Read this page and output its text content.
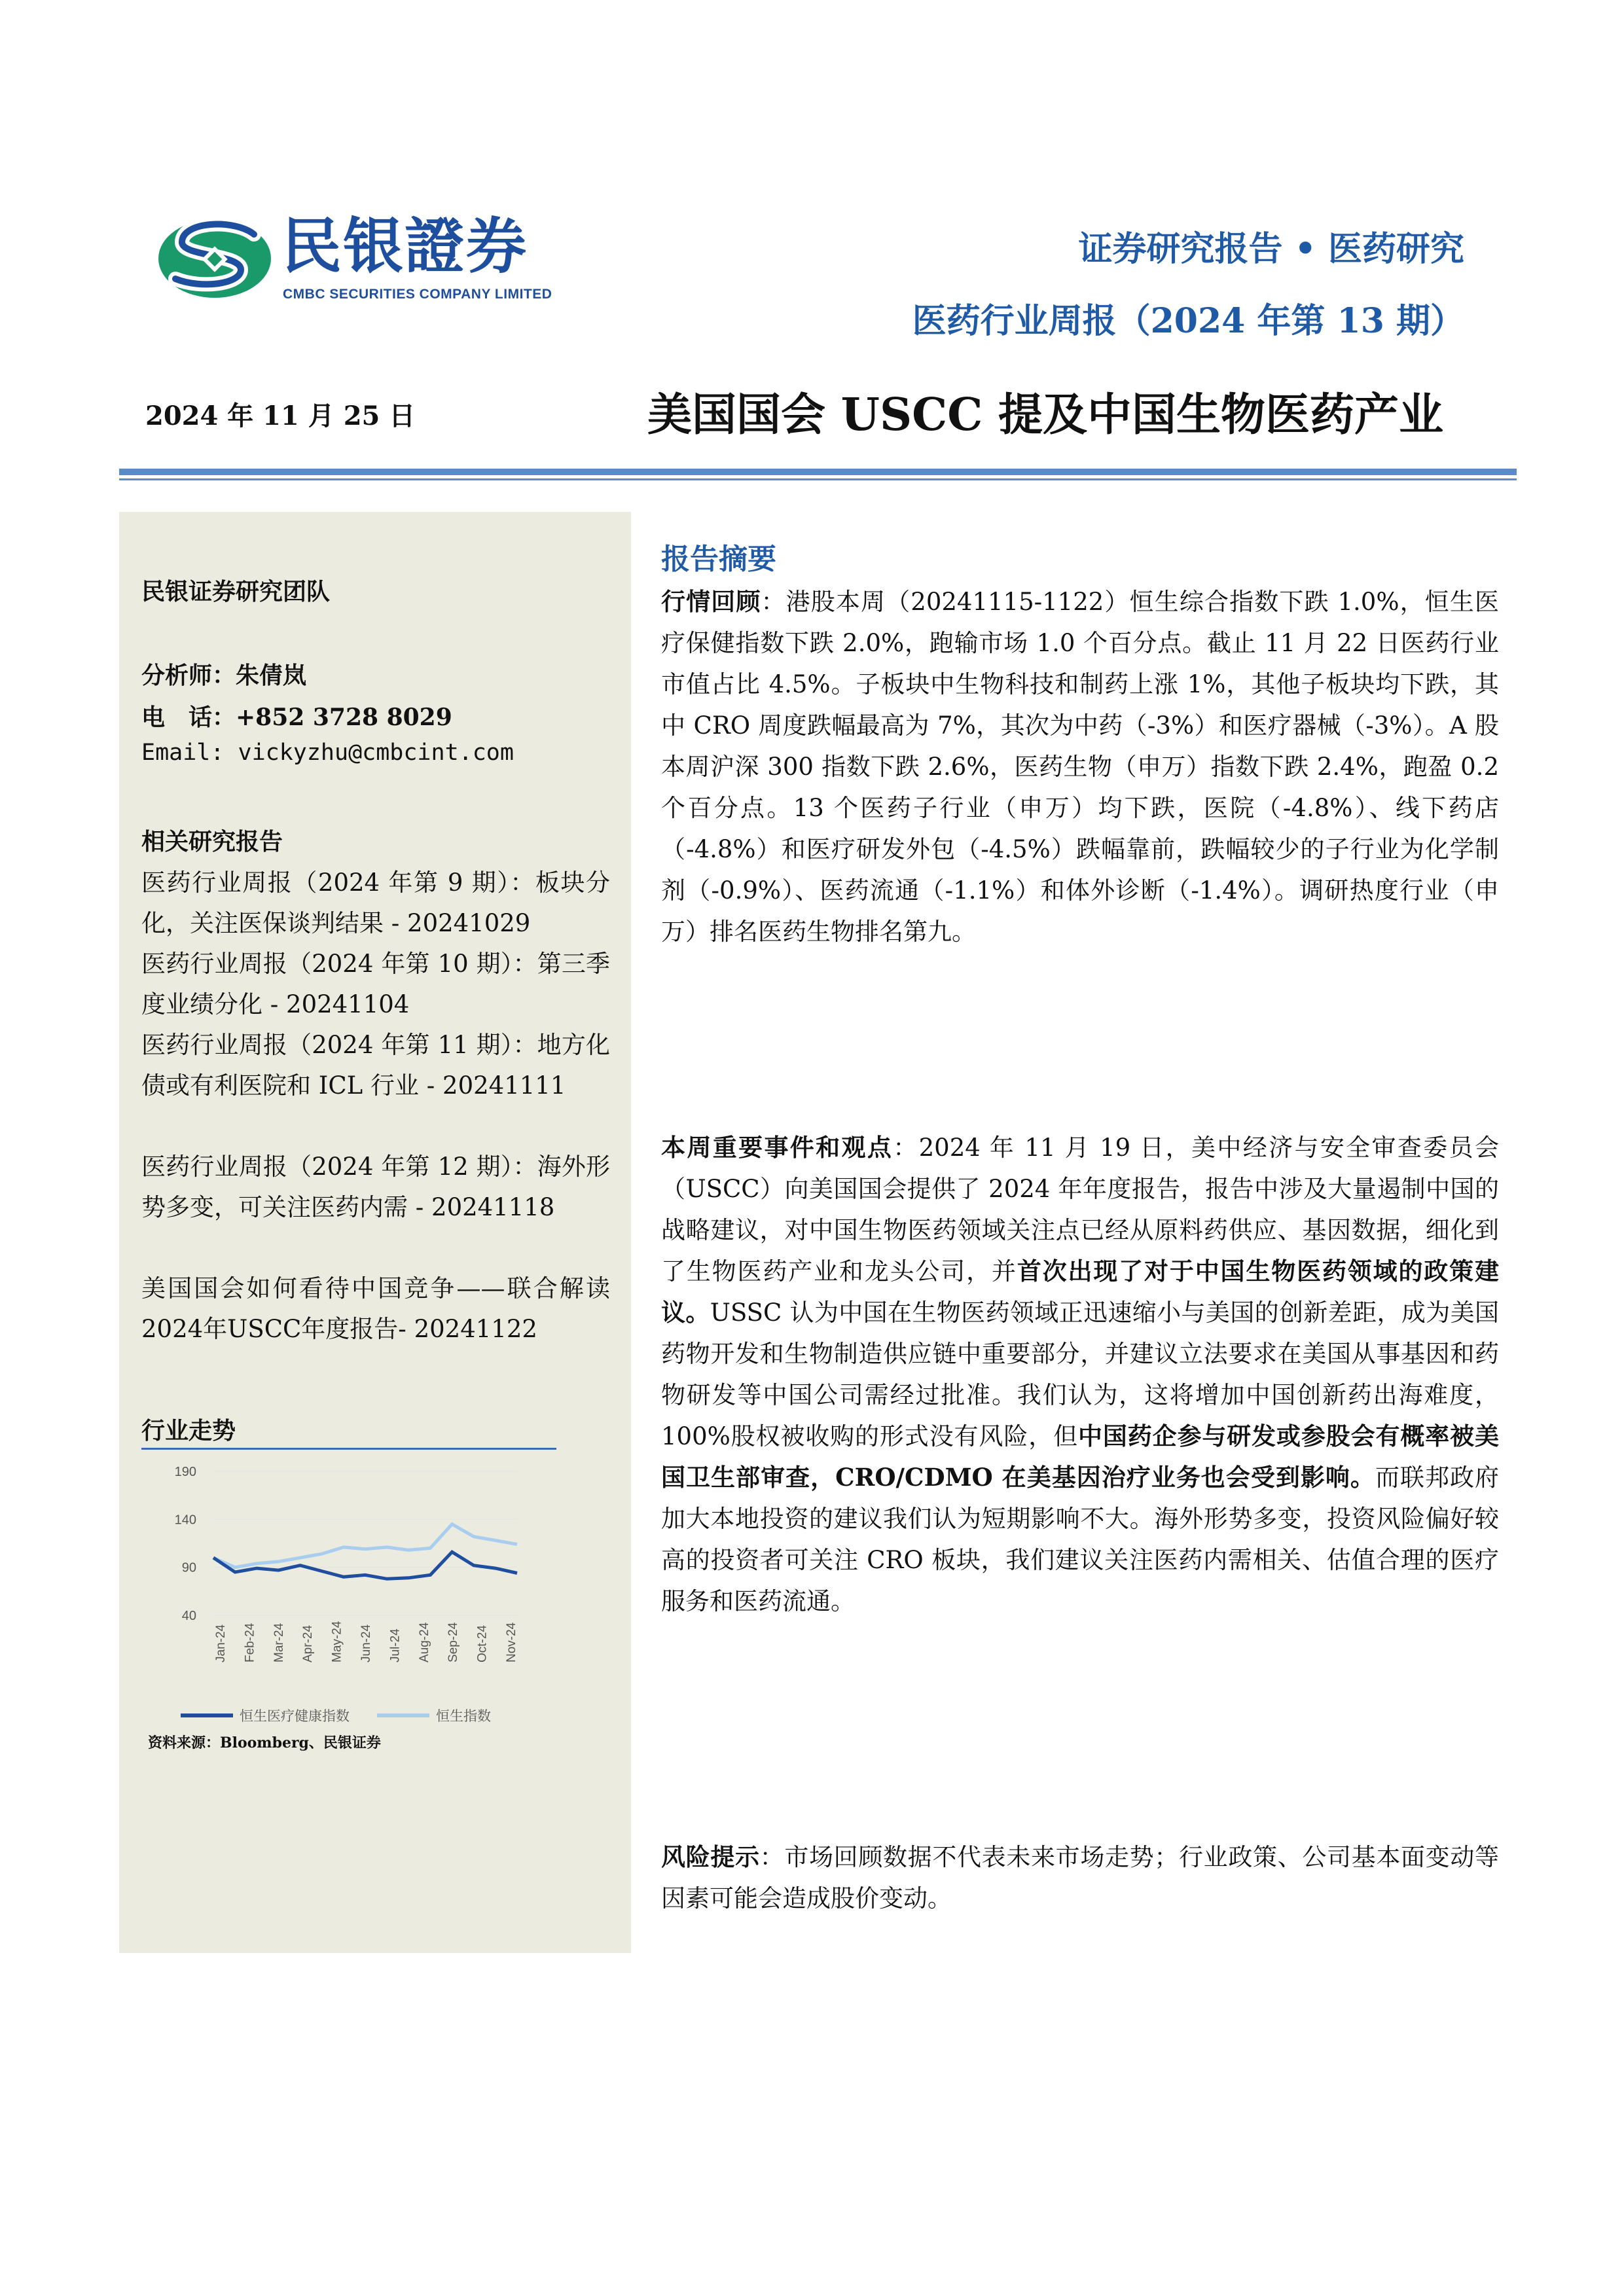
民银證券
CMBC SECURITIES COMPANY LIMITED
证券研究报告 • 医药研究
医药行业周报（2024 年第 13 期）
2024 年 11 月 25 日	美国国会 USCC 提及中国生物医药产业
民银证券研究团队
分析师：朱倩岚
电　话：+852 3728 8029
Email: vickyzhu@cmbcint.com
相关研究报告
医药行业周报（2024 年第 9 期）：板块分化，关注医保谈判结果 - 20241029
医药行业周报（2024 年第 10 期）：第三季度业绩分化 - 20241104
医药行业周报（2024 年第 11 期）：地方化债或有利医院和 ICL 行业 - 20241111
医药行业周报（2024 年第 12 期）：海外形势多变，可关注医药内需 - 20241118
美国国会如何看待中国竞争——联合解读2024年USCC年度报告- 20241122
行业走势
190
140
90
40
Jan-24 Feb-24 Mar-24 Apr-24 May-24 Jun-24 Jul-24 Aug-24 Sep-24 Oct-24 Nov-24
恒生医疗健康指数	恒生指数
资料来源：Bloomberg、民银证券
报告摘要
行情回顾：港股本周（20241115-1122）恒生综合指数下跌 1.0%，恒生医疗保健指数下跌 2.0%，跑输市场 1.0 个百分点。截止 11 月 22 日医药行业市值占比 4.5%。子板块中生物科技和制药上涨 1%，其他子板块均下跌，其中 CRO 周度跌幅最高为 7%，其次为中药（-3%）和医疗器械（-3%）。A 股本周沪深 300 指数下跌 2.6%，医药生物（申万）指数下跌 2.4%，跑盈 0.2 个百分点。13 个医药子行业（申万）均下跌，医院（-4.8%）、线下药店（-4.8%）和医疗研发外包（-4.5%）跌幅靠前，跌幅较少的子行业为化学制剂（-0.9%）、医药流通（-1.1%）和体外诊断（-1.4%）。调研热度行业（申万）排名医药生物排名第九。
本周重要事件和观点：2024 年 11 月 19 日，美中经济与安全审查委员会（USCC）向美国国会提供了 2024 年年度报告，报告中涉及大量遏制中国的战略建议，对中国生物医药领域关注点已经从原料药供应、基因数据，细化到了生物医药产业和龙头公司，并首次出现了对于中国生物医药领域的政策建议。USSC 认为中国在生物医药领域正迅速缩小与美国的创新差距，成为美国药物开发和生物制造供应链中重要部分，并建议立法要求在美国从事基因和药物研发等中国公司需经过批准。我们认为，这将增加中国创新药出海难度，100%股权被收购的形式没有风险，但中国药企参与研发或参股会有概率被美国卫生部审查，CRO/CDMO 在美基因治疗业务也会受到影响。而联邦政府加大本地投资的建议我们认为短期影响不大。海外形势多变，投资风险偏好较高的投资者可关注 CRO 板块，我们建议关注医药内需相关、估值合理的医疗服务和医药流通。
风险提示：市场回顾数据不代表未来市场走势；行业政策、公司基本面变动等因素可能会造成股价变动。
